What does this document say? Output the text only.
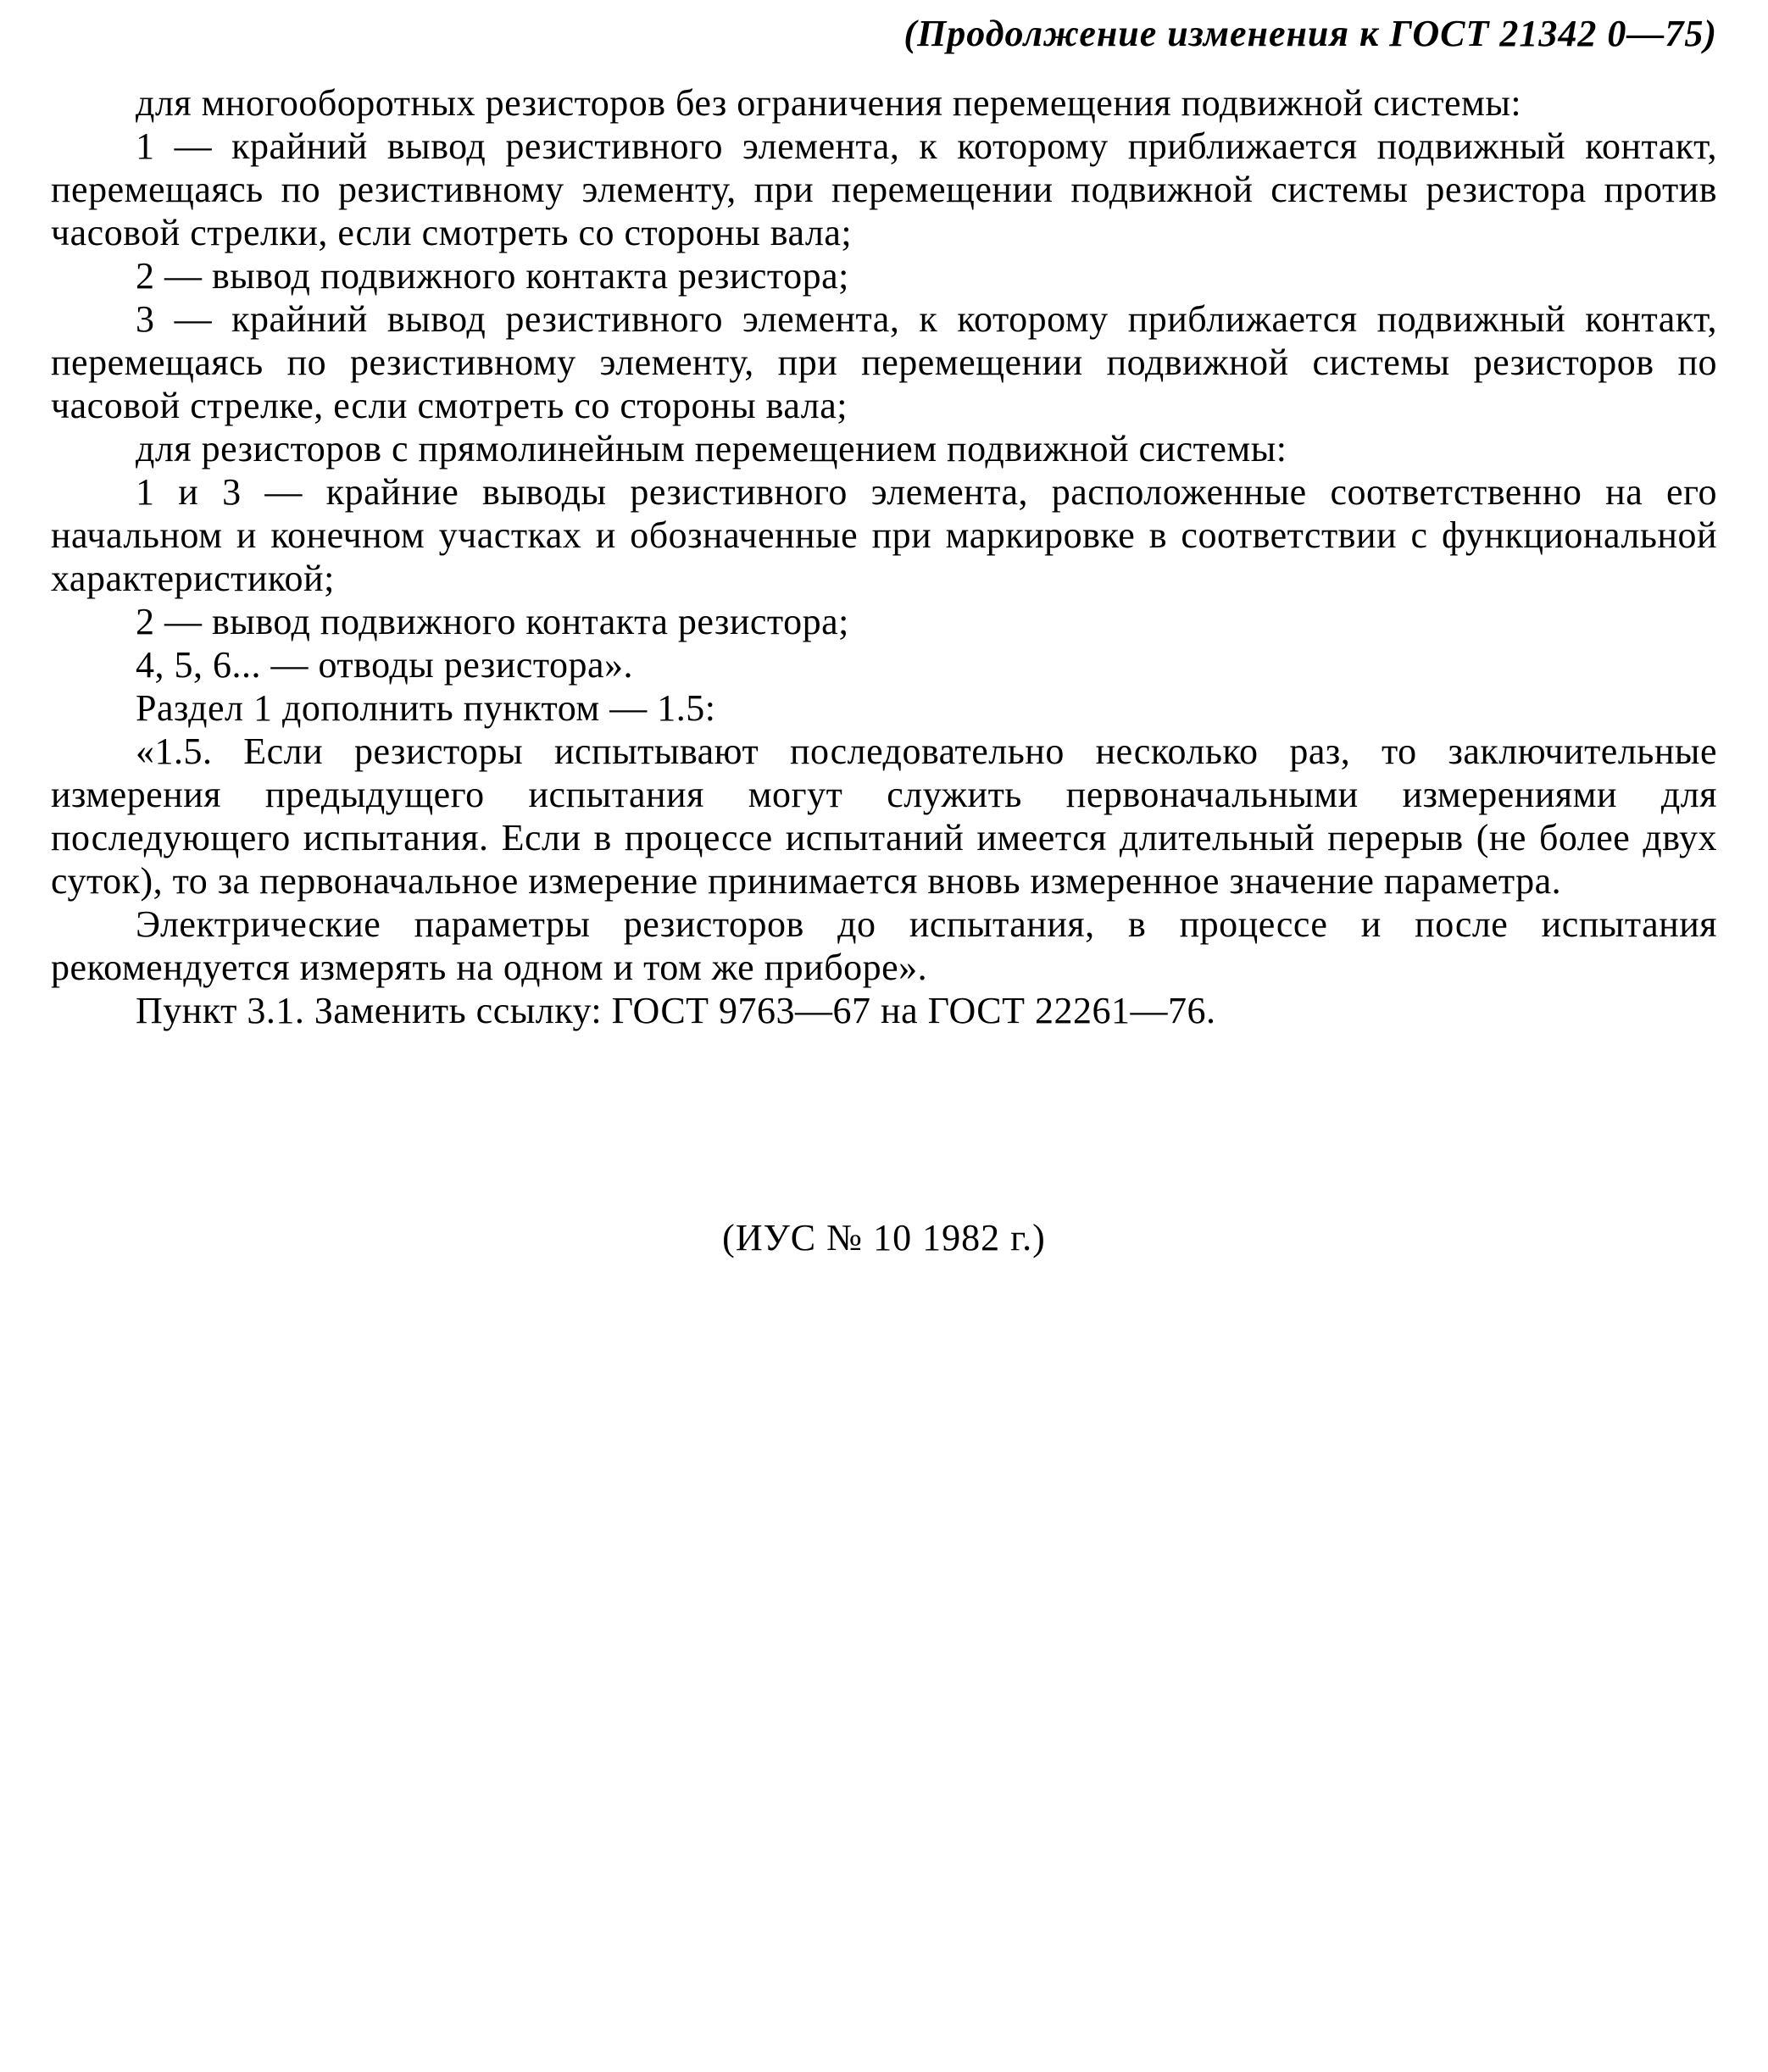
(Продолжение изменения к ГОСТ 21342 0—75)

для многооборотных резисторов без ограничения перемещения подвижной системы:

1 — крайний вывод резистивного элемента, к которому приближается подвижный контакт, перемещаясь по резистивному элементу, при перемещении подвижной системы резистора против часовой стрелки, если смотреть со стороны вала;

2 — вывод подвижного контакта резистора;

3 — крайний вывод резистивного элемента, к которому приближается подвижный контакт, перемещаясь по резистивному элементу, при перемещении подвижной системы резисторов по часовой стрелке, если смотреть со стороны вала;

для резисторов с прямолинейным перемещением подвижной системы:

1 и 3 — крайние выводы резистивного элемента, расположенные соответственно на его начальном и конечном участках и обозначенные при маркировке в соответствии с функциональной характеристикой;

2 — вывод подвижного контакта резистора;

4, 5, 6... — отводы резистора».

Раздел 1 дополнить пунктом — 1.5:

«1.5. Если резисторы испытывают последовательно несколько раз, то заключительные измерения предыдущего испытания могут служить первоначальными измерениями для последующего испытания. Если в процессе испытаний имеется длительный перерыв (не более двух суток), то за первоначальное измерение принимается вновь измеренное значение параметра.

Электрические параметры резисторов до испытания, в процессе и после испытания рекомендуется измерять на одном и том же приборе».

Пункт 3.1. Заменить ссылку: ГОСТ 9763—67 на ГОСТ 22261—76.

(ИУС № 10 1982 г.)
